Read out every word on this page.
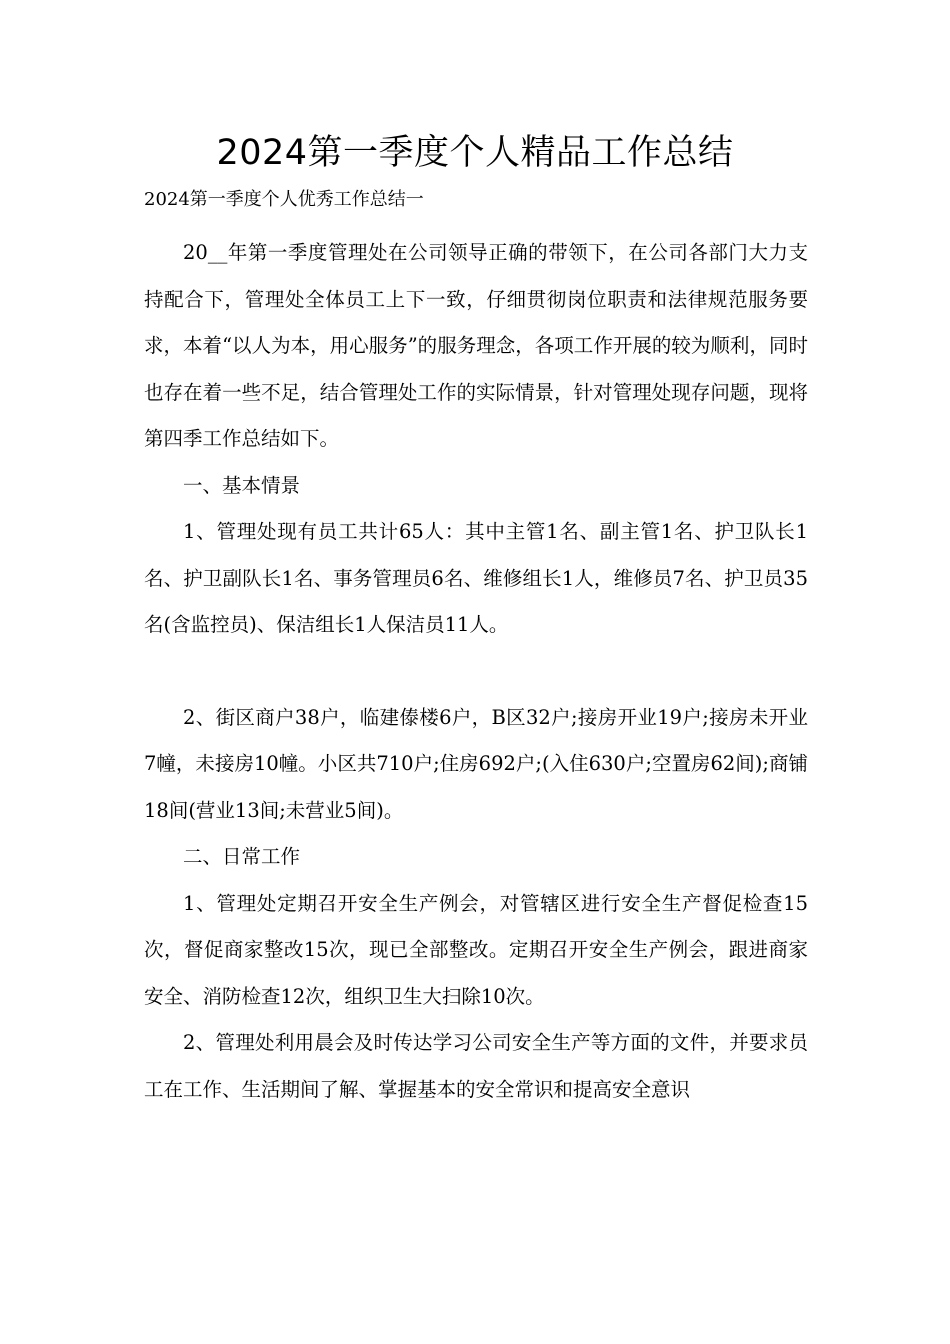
2024第一季度个人精品工作总结

2024第一季度个人优秀工作总结一

20__年第一季度管理处在公司领导正确的带领下，在公司各部门大力支持配合下，管理处全体员工上下一致，仔细贯彻岗位职责和法律规范服务要求，本着“以人为本，用心服务”的服务理念，各项工作开展的较为顺利，同时也存在着一些不足，结合管理处工作的实际情景，针对管理处现存问题，现将第四季工作总结如下。

一、基本情景

1、管理处现有员工共计65人：其中主管1名、副主管1名、护卫队长1名、护卫副队长1名、事务管理员6名、维修组长1人，维修员7名、护卫员35名(含监控员)、保洁组长1人保洁员11人。

2、街区商户38户，临建傣楼6户，B区32户;接房开业19户;接房未开业7幢，未接房10幢。小区共710户;住房692户;(入住630户;空置房62间);商铺18间(营业13间;未营业5间)。

二、日常工作

1、管理处定期召开安全生产例会，对管辖区进行安全生产督促检查15次，督促商家整改15次，现已全部整改。定期召开安全生产例会，跟进商家安全、消防检查12次，组织卫生大扫除10次。

2、管理处利用晨会及时传达学习公司安全生产等方面的文件，并要求员工在工作、生活期间了解、掌握基本的安全常识和提高安全意识
